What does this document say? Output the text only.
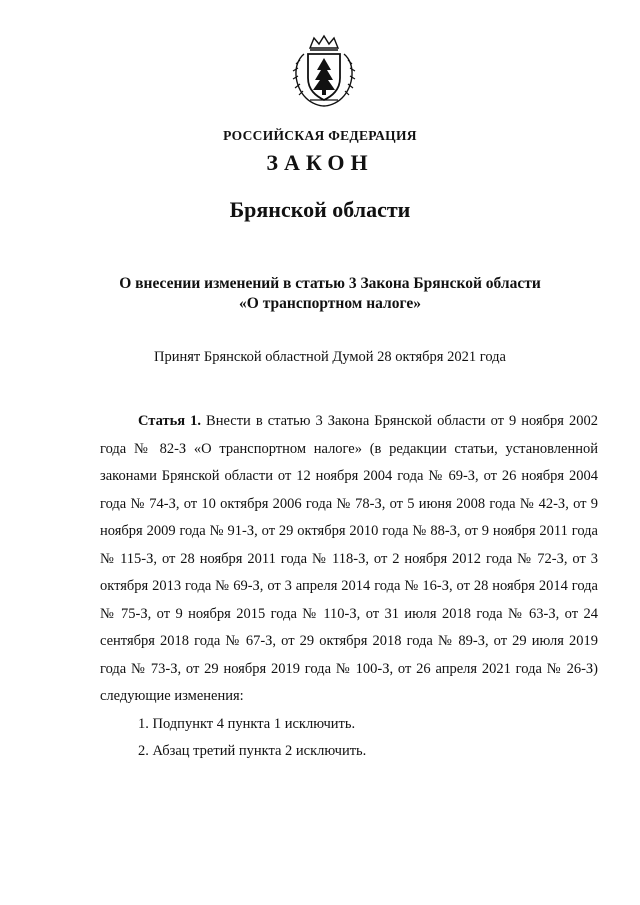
РОССИЙСКАЯ ФЕДЕРАЦИЯ
ЗАКОН
Брянской области
О внесении изменений в статью 3 Закона Брянской области
«О транспортном налоге»
Принят Брянской областной Думой 28 октября 2021 года

Статья 1. Внести в статью 3 Закона Брянской области от 9 ноября 2002 года № 82-З «О транспортном налоге» (в редакции статьи, установленной законами Брянской области от 12 ноября 2004 года № 69-З, от 26 ноября 2004 года № 74-З, от 10 октября 2006 года № 78-З, от 5 июня 2008 года № 42-З, от 9 ноября 2009 года № 91-З, от 29 октября 2010 года № 88-З, от 9 ноября 2011 года № 115-З, от 28 ноября 2011 года № 118-З, от 2 ноября 2012 года № 72-З, от 3 октября 2013 года № 69-З, от 3 апреля 2014 года № 16-З, от 28 ноября 2014 года № 75-З, от 9 ноября 2015 года № 110-З, от 31 июля 2018 года № 63-З, от 24 сентября 2018 года № 67-З, от 29 октября 2018 года № 89-З, от 29 июля 2019 года № 73-З, от 29 ноября 2019 года № 100-З, от 26 апреля 2021 года № 26-З) следующие изменения:

1. Подпункт 4 пункта 1 исключить.

2. Абзац третий пункта 2 исключить.
